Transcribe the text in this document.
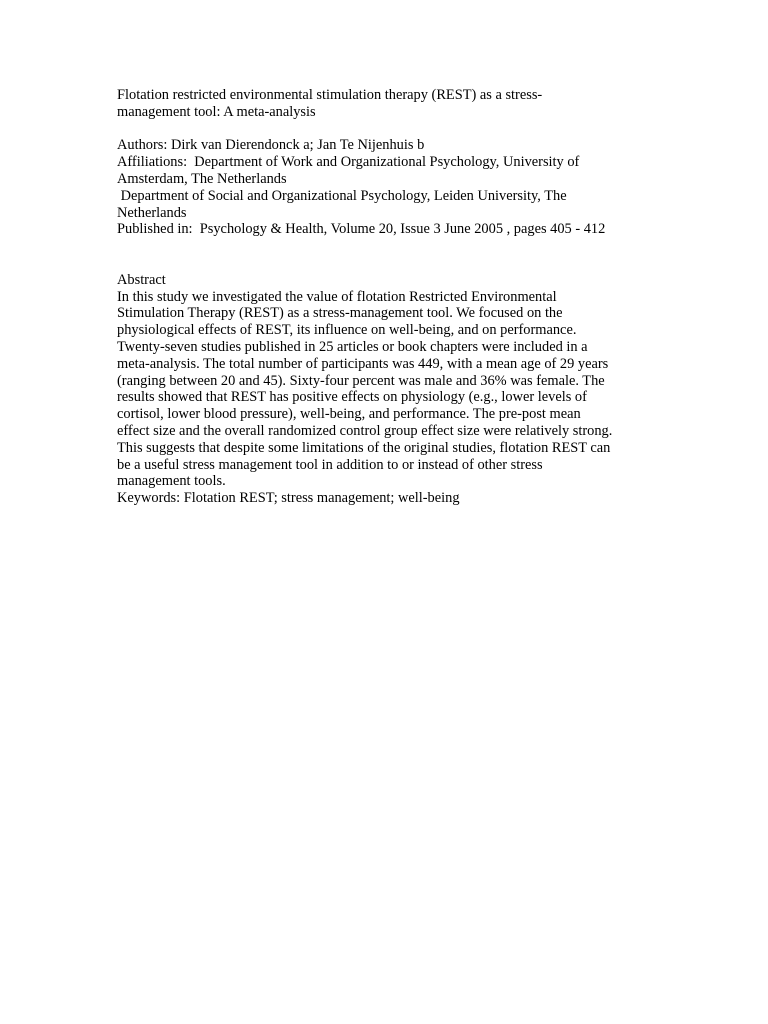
Flotation restricted environmental stimulation therapy (REST) as a stress-
management tool: A meta-analysis
Authors: Dirk van Dierendonck a; Jan Te Nijenhuis b
Affiliations:  Department of Work and Organizational Psychology, University of
Amsterdam, The Netherlands
Department of Social and Organizational Psychology, Leiden University, The
Netherlands
Published in:  Psychology & Health, Volume 20, Issue 3 June 2005 , pages 405 - 412
Abstract
In this study we investigated the value of flotation Restricted Environmental
Stimulation Therapy (REST) as a stress-management tool. We focused on the
physiological effects of REST, its influence on well-being, and on performance.
Twenty-seven studies published in 25 articles or book chapters were included in a
meta-analysis. The total number of participants was 449, with a mean age of 29 years
(ranging between 20 and 45). Sixty-four percent was male and 36% was female. The
results showed that REST has positive effects on physiology (e.g., lower levels of
cortisol, lower blood pressure), well-being, and performance. The pre-post mean
effect size and the overall randomized control group effect size were relatively strong.
This suggests that despite some limitations of the original studies, flotation REST can
be a useful stress management tool in addition to or instead of other stress
management tools.
Keywords: Flotation REST; stress management; well-being
